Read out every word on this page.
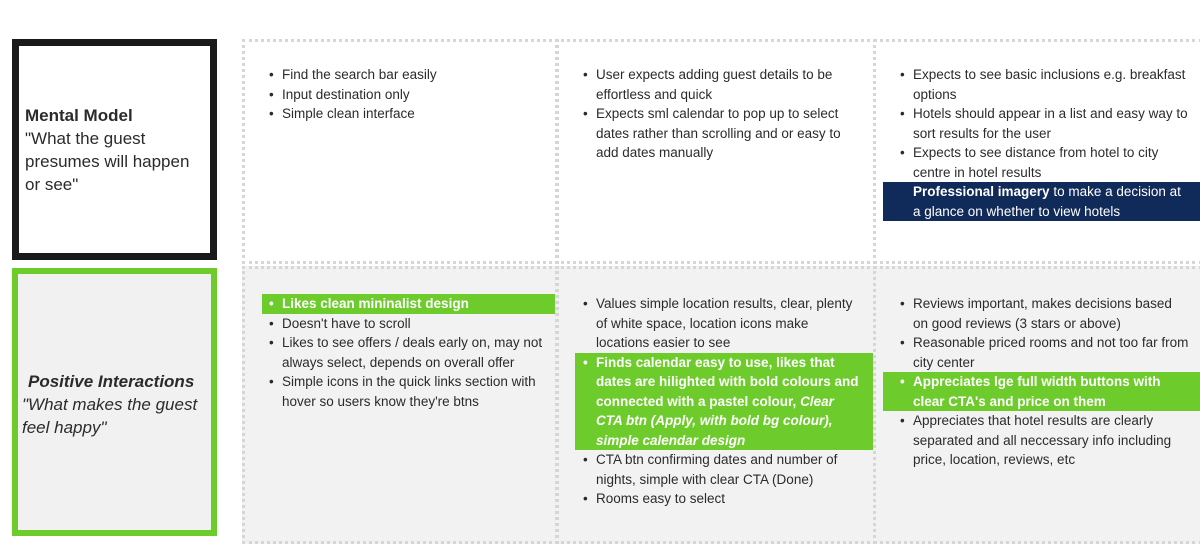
Mental Model
"What the guest presumes will happen or see"
Positive Interactions
"What makes the guest feel happy"
• Find the search bar easily
• Input destination only
• Simple clean interface
• User expects adding guest details to be effortless and quick
• Expects sml calendar to pop up to select dates rather than scrolling and or easy to add dates manually
• Expects to see basic inclusions e.g. breakfast options
• Hotels should appear in a list and easy way to sort results for the user
• Expects to see distance from hotel to city centre in hotel results
Professional imagery to make a decision at a glance on whether to view hotels
• Likes clean mininalist design
• Doesn't have to scroll
• Likes to see offers / deals early on, may not always select, depends on overall offer
• Simple icons in the quick links section with hover so users know they're btns
• Values simple location results, clear, plenty of white space, location icons make locations easier to see
• Finds calendar easy to use, likes that dates are hilighted with bold colours and connected with a pastel colour, Clear CTA btn (Apply, with bold bg colour), simple calendar design
• CTA btn confirming dates and number of nights, simple with clear CTA (Done)
• Rooms easy to select
• Reviews important, makes decisions based on good reviews (3 stars or above)
• Reasonable priced rooms and not too far from city center
• Appreciates lge full width buttons with clear CTA's and price on them
• Appreciates that hotel results are clearly separated and all neccessary info including price, location, reviews, etc
